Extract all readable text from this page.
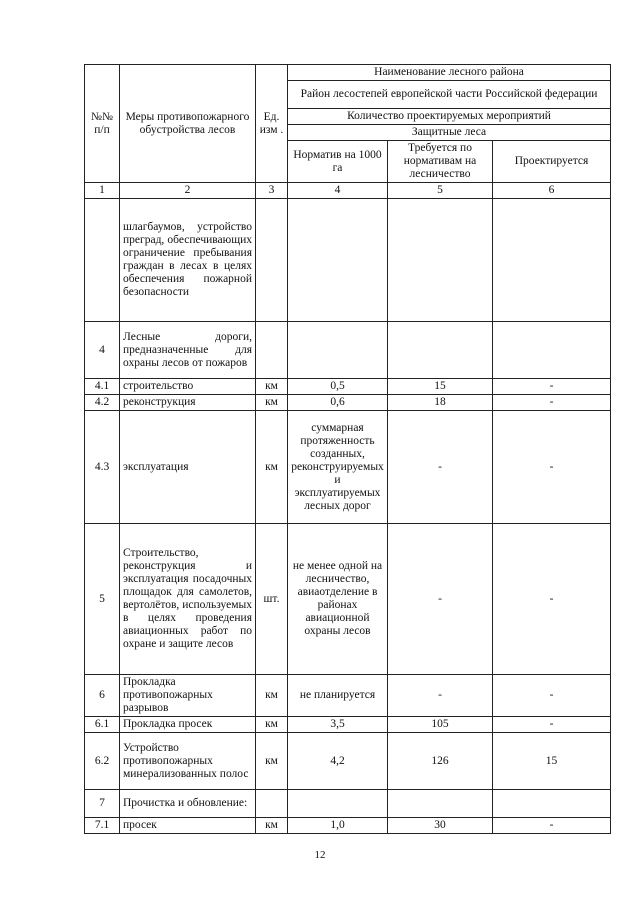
№№ п/п	Меры противопожарного обустройства лесов	Ед. изм .	Наименование лесного района		
			Район лесостепей европейской части Российской федерации		
			Количество проектируемых мероприятий		
			Защитные леса		
			Норматив на 1000 га	Требуется по нормативам на лесничество	Проектируется
1	2	3	4	5	6
	шлагбаумов, устройство преград, обеспечивающих ограничение пребывания граждан в лесах в целях обеспечения пожарной безопасности				
4	Лесные дороги, предназначенные для охраны лесов от пожаров				
4.1	строительство	км	0,5	15	-
4.2	реконструкция	км	0,6	18	-
4.3	эксплуатация	км	суммарная протяженность созданных, реконструируемых и эксплуатируемых лесных дорог	-	-
5	Строительство, реконструкция и эксплуатация посадочных площадок для самолетов, вертолётов, используемых в целях проведения авиационных работ по охране и защите лесов	шт.	не менее одной на лесничество, авиаотделение в районах авиационной охраны лесов	-	-
6	Прокладка противопожарных разрывов	км	не планируется	-	-
6.1	Прокладка просек	км	3,5	105	-
6.2	Устройство противопожарных минерализованных полос	км	4,2	126	15
7	Прочистка и обновление:				
7.1	просек	км	1,0	30	-
12
